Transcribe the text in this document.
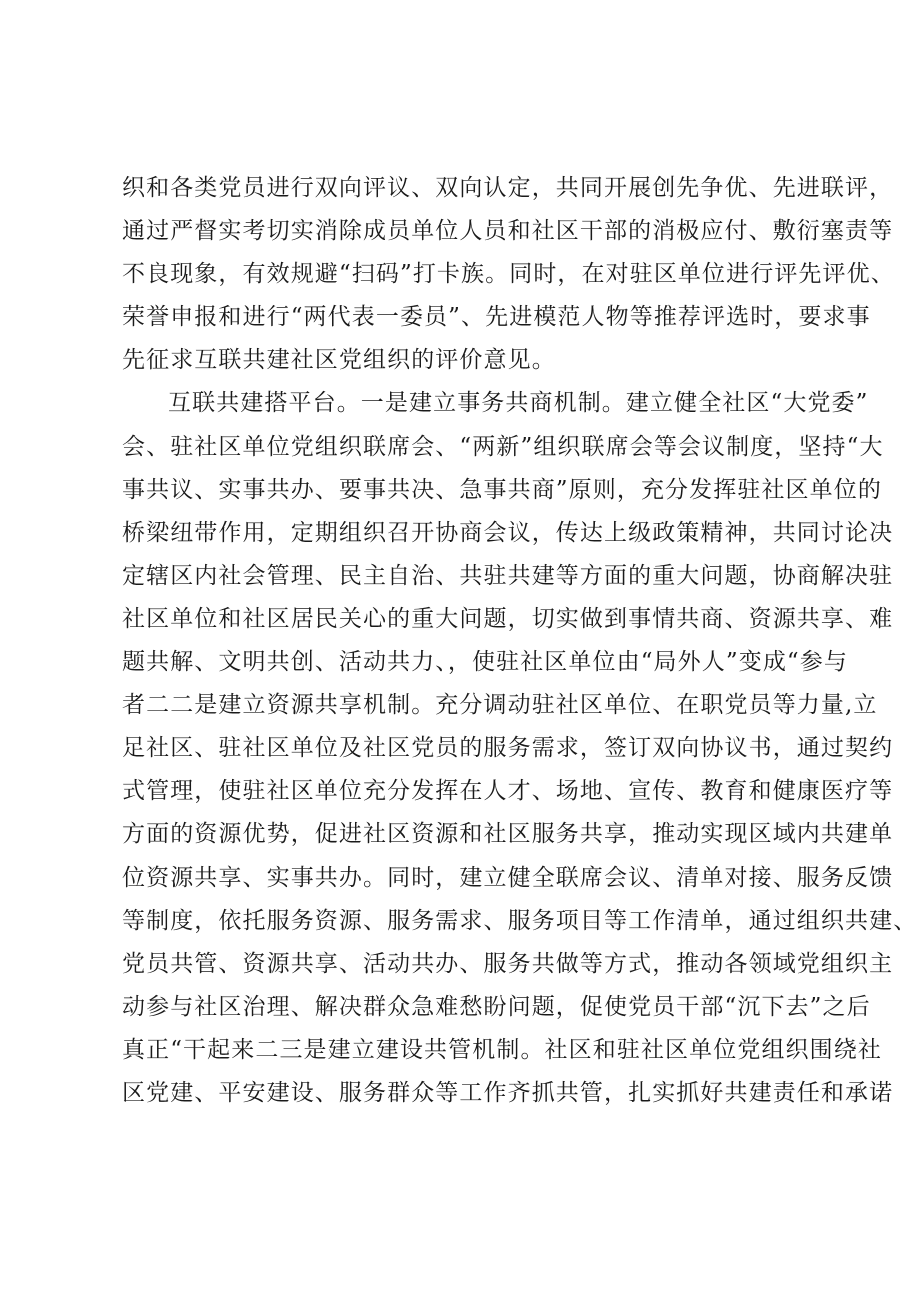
织和各类党员进行双向评议、双向认定，共同开展创先争优、先进联评，
通过严督实考切实消除成员单位人员和社区干部的消极应付、敷衍塞责等
不良现象，有效规避“扫码”打卡族。同时，在对驻区单位进行评先评优、
荣誉申报和进行“两代表一委员”、先进模范人物等推荐评选时，要求事
先征求互联共建社区党组织的评价意见。
互联共建搭平台。一是建立事务共商机制。建立健全社区“大党委”
会、驻社区单位党组织联席会、“两新”组织联席会等会议制度，坚持“大
事共议、实事共办、要事共决、急事共商”原则，充分发挥驻社区单位的
桥梁纽带作用，定期组织召开协商会议，传达上级政策精神，共同讨论决
定辖区内社会管理、民主自治、共驻共建等方面的重大问题，协商解决驻
社区单位和社区居民关心的重大问题，切实做到事情共商、资源共享、难
题共解、文明共创、活动共力、，使驻社区单位由“局外人”变成“参与
者二二是建立资源共享机制。充分调动驻社区单位、在职党员等力量,立
足社区、驻社区单位及社区党员的服务需求，签订双向协议书，通过契约
式管理，使驻社区单位充分发挥在人才、场地、宣传、教育和健康医疗等
方面的资源优势，促进社区资源和社区服务共享，推动实现区域内共建单
位资源共享、实事共办。同时，建立健全联席会议、清单对接、服务反馈
等制度，依托服务资源、服务需求、服务项目等工作清单，通过组织共建、
党员共管、资源共享、活动共办、服务共做等方式，推动各领域党组织主
动参与社区治理、解决群众急难愁盼问题，促使党员干部“沉下去”之后
真正“干起来二三是建立建设共管机制。社区和驻社区单位党组织围绕社
区党建、平安建设、服务群众等工作齐抓共管，扎实抓好共建责任和承诺
